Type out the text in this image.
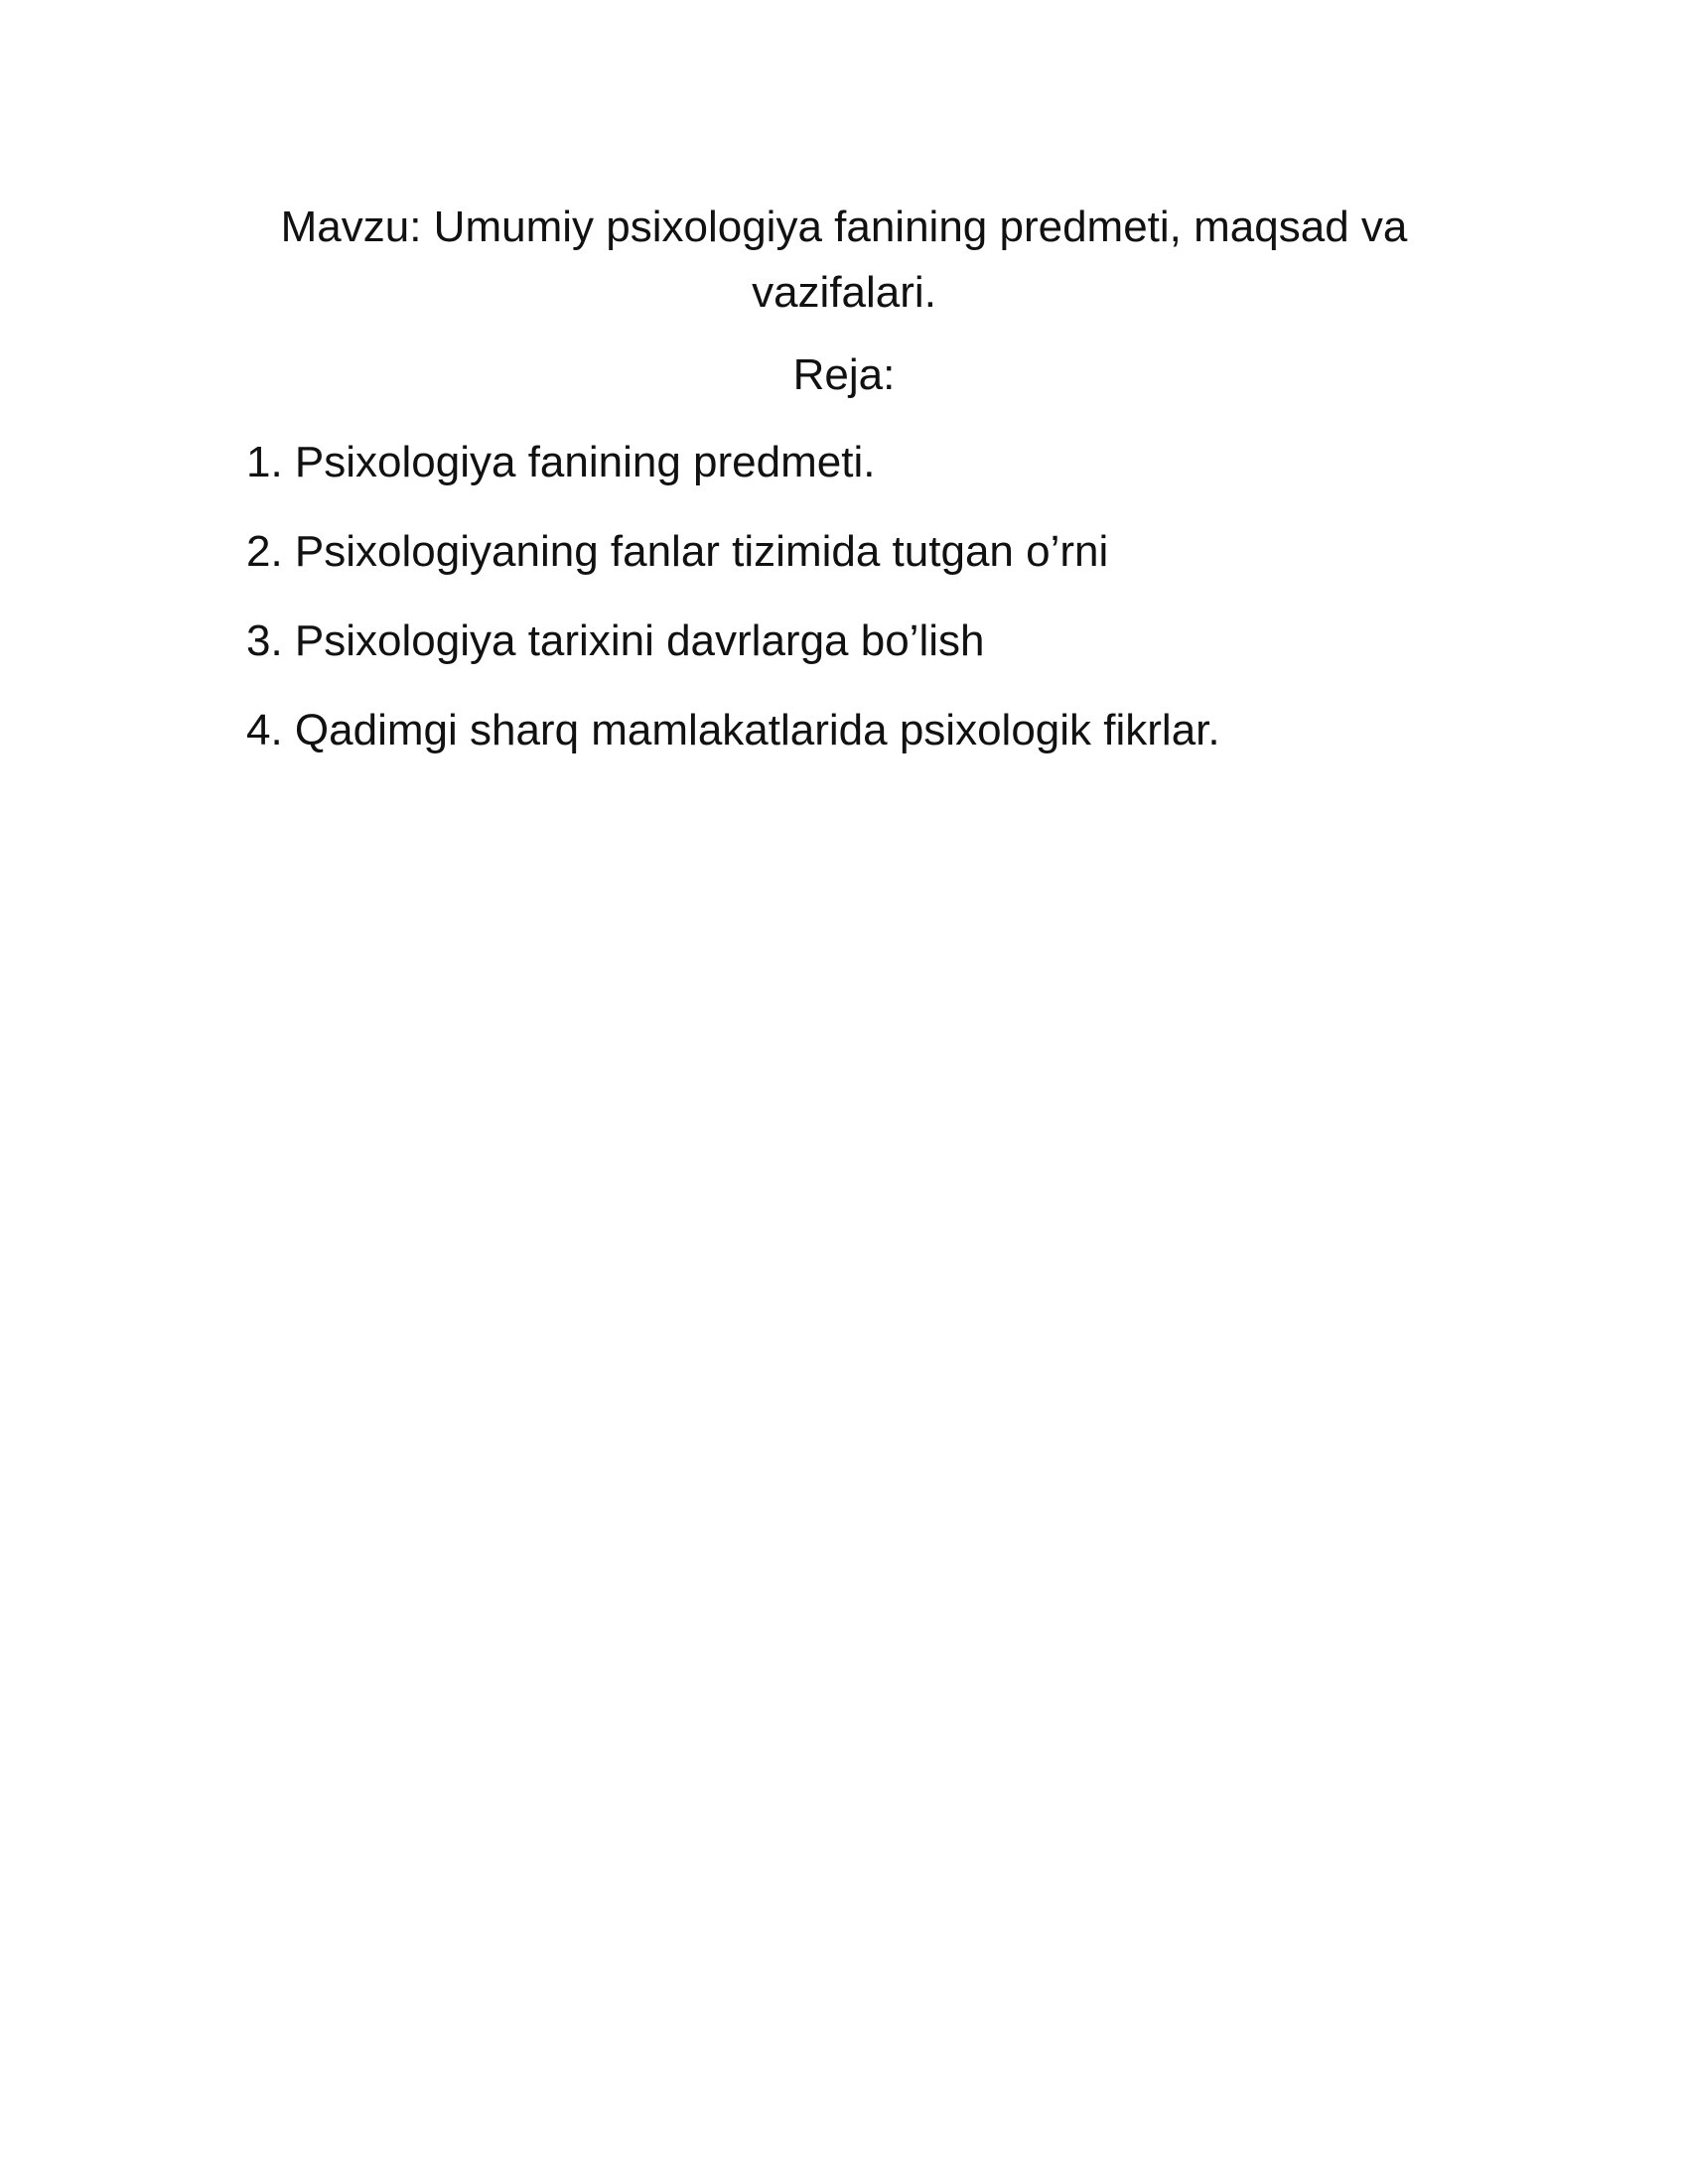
Mavzu: Umumiy psixologiya fanining predmeti, maqsad va vazifalari.
Reja:
1. Psixologiya fanining predmeti.
2. Psixologiyaning fanlar tizimida tutgan o’rni
3. Psixologiya tarixini davrlarga bo’lish
4. Qadimgi sharq mamlakatlarida psixologik fikrlar.
